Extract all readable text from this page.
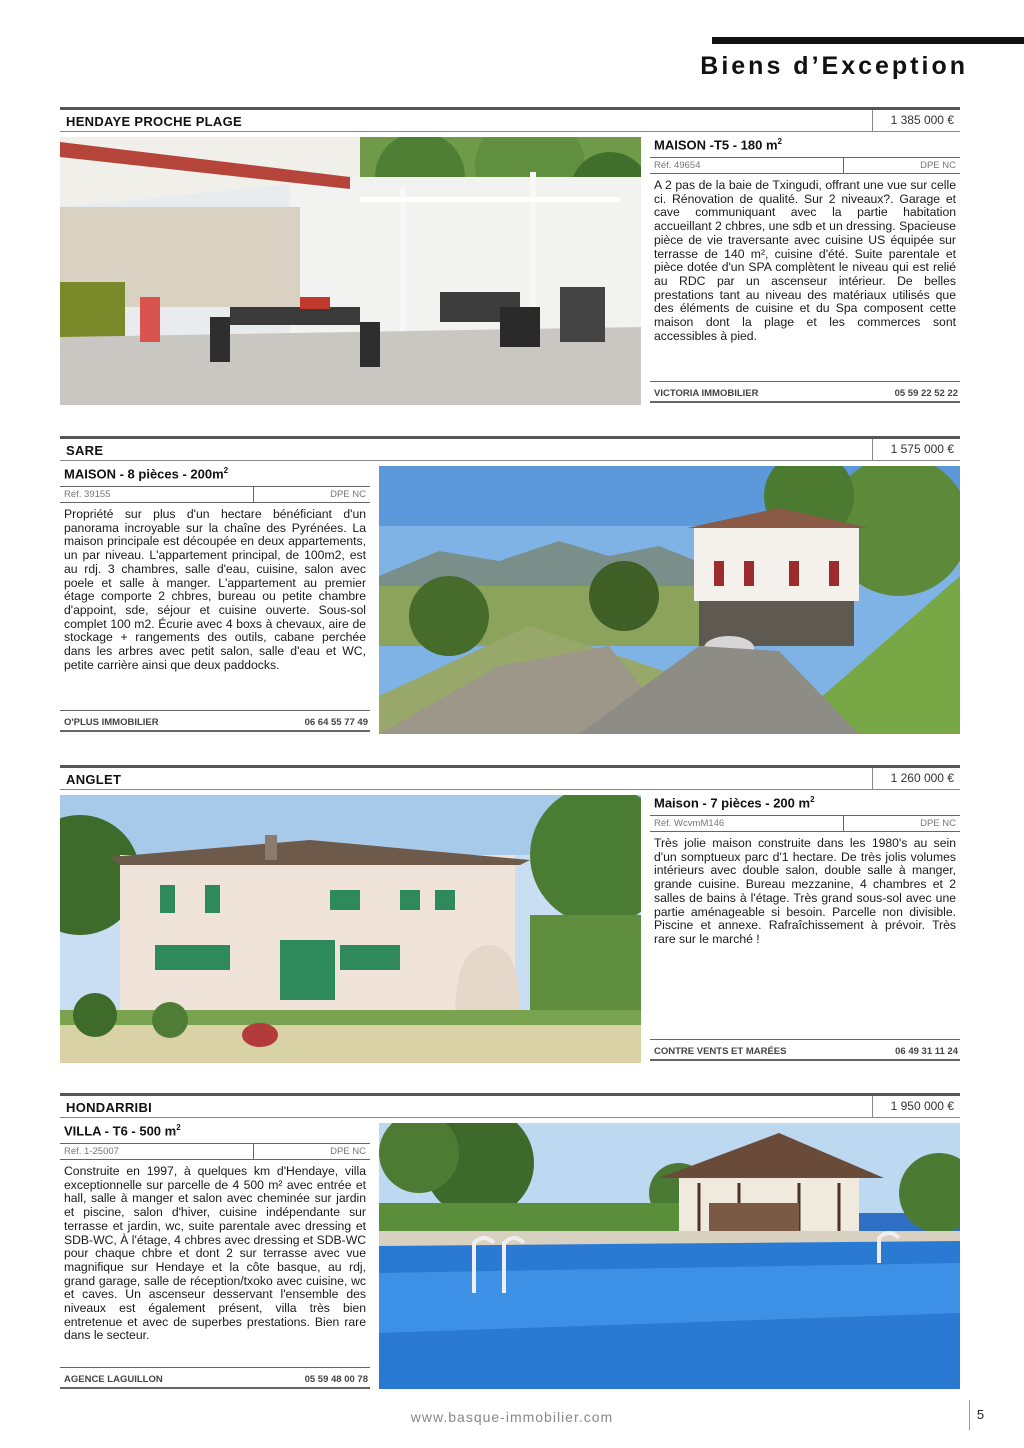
Biens d’Exception
HENDAYE PROCHE PLAGE	1 385 000 €
MAISON -T5 - 180 $m^2$
Réf. 49654	DPE NC
A 2 pas de la baie de Txingudi, offrant une vue sur celle ci. Rénovation de qualité. Sur 2 niveaux?. Garage et cave communiquant avec la partie habitation accueillant 2 chbres, une sdb et un dressing. Spacieuse pièce de vie traversante avec cuisine US équipée sur terrasse de 140 m², cuisine d'été. Suite parentale et pièce dotée d'un SPA complètent le niveau qui est relié au RDC par un ascenseur intérieur. De belles prestations tant au niveau des matériaux utilisés que des éléments de cuisine et du Spa composent cette maison dont la plage et les commerces sont accessibles à pied.
VICTORIA IMMOBILIER	05 59 22 52 22
SARE	1 575 000 €
MAISON - 8 pièces - $200m^2$
Réf. 39155	DPE NC
Propriété sur plus d'un hectare bénéficiant d'un panorama incroyable sur la chaîne des Pyrénées. La maison principale est découpée en deux appartements, un par niveau. L'appartement principal, de 100m2, est au rdj. 3 chambres, salle d'eau, cuisine, salon avec poele et salle à manger. L'appartement au premier étage comporte 2 chbres, bureau ou petite chambre d'appoint, sde, séjour et cuisine ouverte. Sous-sol complet 100 m2. Écurie avec 4 boxs à chevaux, aire de stockage + rangements des outils, cabane perchée dans les arbres avec petit salon, salle d'eau et WC, petite carrière ainsi que deux paddocks.
O'PLUS IMMOBILIER	06 64 55 77 49
ANGLET	1 260 000 €
Maison - 7 pièces - 200 $m^2$
Réf. WcvmM146	DPE NC
Très jolie maison construite dans les 1980's au sein d'un somptueux parc d'1 hectare. De très jolis volumes intérieurs avec double salon, double salle à manger, grande cuisine. Bureau mezzanine, 4 chambres et 2 salles de bains à l'étage. Très grand sous-sol avec une partie aménageable si besoin. Parcelle non divisible. Piscine et annexe. Rafraîchissement à prévoir. Très rare sur le marché !
CONTRE VENTS ET MARÉES	06 49 31 11 24
HONDARRIBI	1 950 000 €
VILLA - T6 - 500 $m^2$
Réf. 1-25007	DPE NC
Construite en 1997, à quelques km d'Hendaye, villa exceptionnelle sur parcelle de 4 500 m² avec entrée et hall, salle à manger et salon avec cheminée sur jardin et piscine, salon d'hiver, cuisine indépendante sur terrasse et jardin, wc, suite parentale avec dressing et SDB-WC, À l'étage, 4 chbres avec dressing et SDB-WC pour chaque chbre et dont 2 sur terrasse avec vue magnifique sur Hendaye et la côte basque, au rdj, grand garage, salle de réception/txoko avec cuisine, wc et caves. Un ascenseur desservant l'ensemble des niveaux est également présent, villa très bien entretenue et avec de superbes prestations. Bien rare dans le secteur.
AGENCE LAGUILLON	05 59 48 00 78
www.basque-immobilier.com	5
